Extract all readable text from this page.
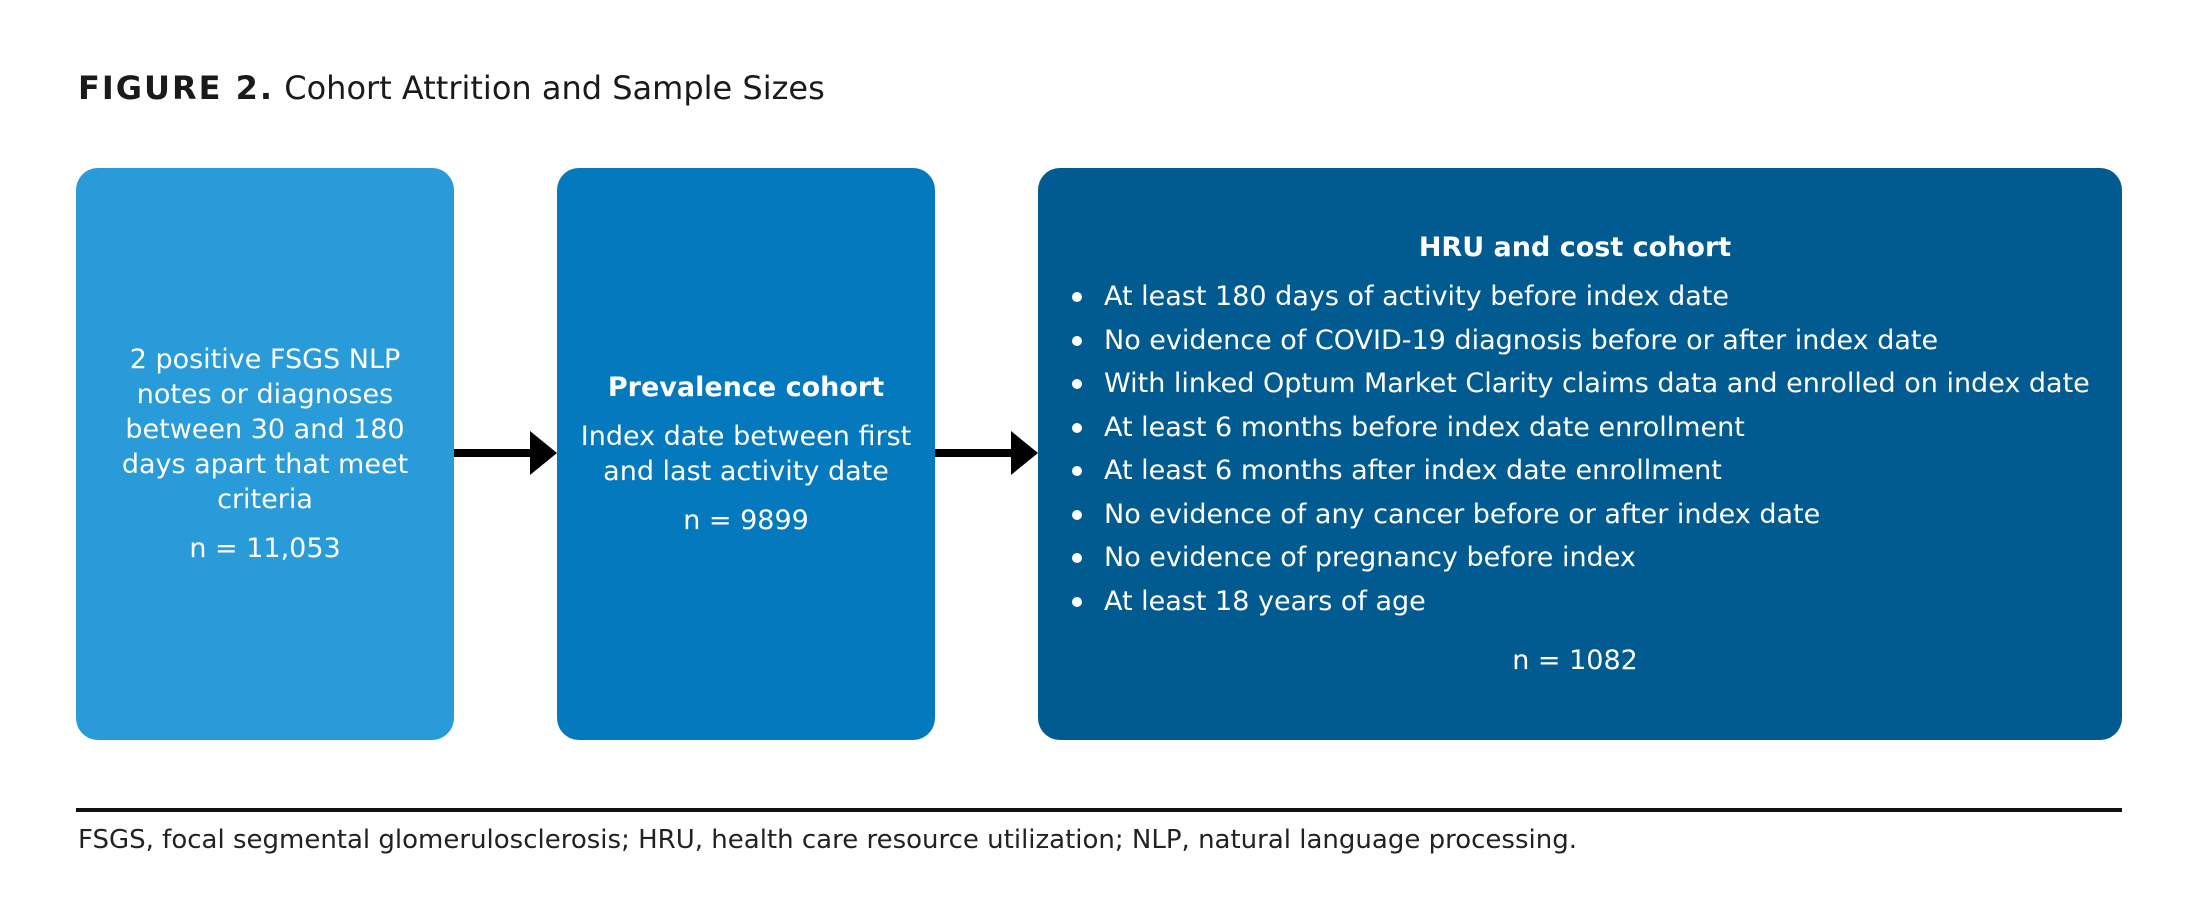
FIGURE 2. Cohort Attrition and Sample Sizes
2 positive FSGS NLP notes or diagnoses between 30 and 180 days apart that meet criteria
n = 11,053
Prevalence cohort
Index date between first and last activity date
n = 9899
HRU and cost cohort
At least 180 days of activity before index date
No evidence of COVID-19 diagnosis before or after index date
With linked Optum Market Clarity claims data and enrolled on index date
At least 6 months before index date enrollment
At least 6 months after index date enrollment
No evidence of any cancer before or after index date
No evidence of pregnancy before index
At least 18 years of age
n = 1082
FSGS, focal segmental glomerulosclerosis; HRU, health care resource utilization; NLP, natural language processing.
